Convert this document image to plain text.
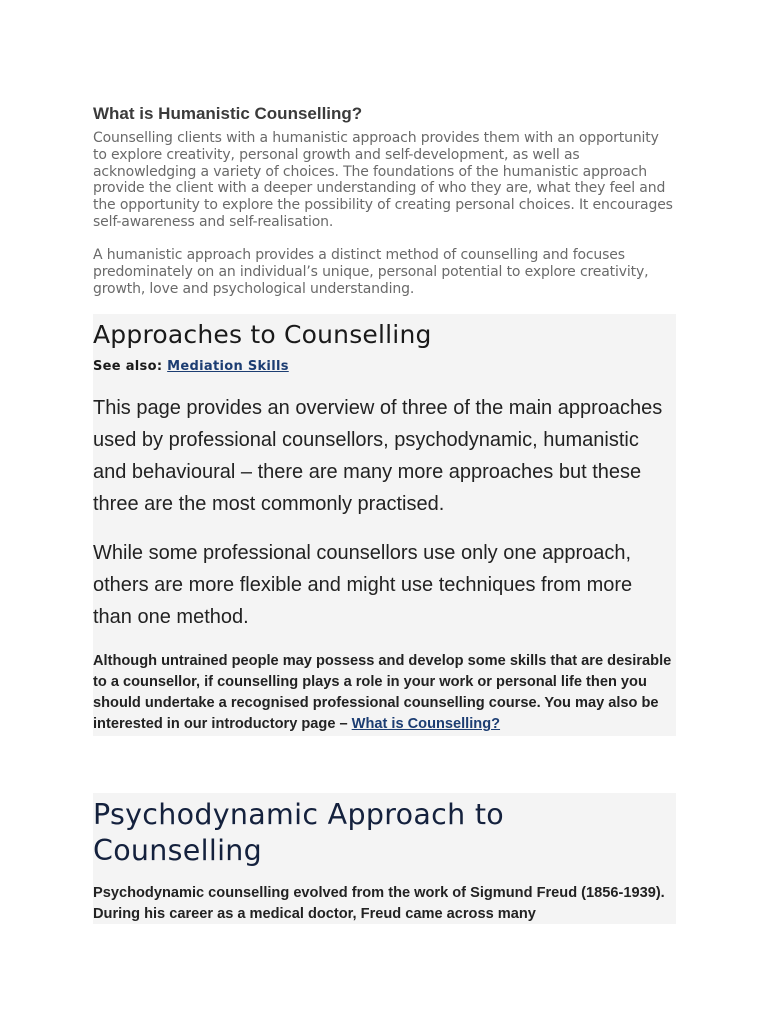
What is Humanistic Counselling?

Counselling clients with a humanistic approach provides them with an opportunity to explore creativity, personal growth and self-development, as well as acknowledging a variety of choices. The foundations of the humanistic approach provide the client with a deeper understanding of who they are, what they feel and the opportunity to explore the possibility of creating personal choices. It encourages self-awareness and self-realisation.

A humanistic approach provides a distinct method of counselling and focuses predominately on an individual’s unique, personal potential to explore creativity, growth, love and psychological understanding.

Approaches to Counselling

See also: Mediation Skills

This page provides an overview of three of the main approaches used by professional counsellors, psychodynamic, humanistic and behavioural – there are many more approaches but these three are the most commonly practised.

While some professional counsellors use only one approach, others are more flexible and might use techniques from more than one method.

Although untrained people may possess and develop some skills that are desirable to a counsellor, if counselling plays a role in your work or personal life then you should undertake a recognised professional counselling course. You may also be interested in our introductory page – What is Counselling?

Psychodynamic Approach to Counselling

Psychodynamic counselling evolved from the work of Sigmund Freud (1856-1939). During his career as a medical doctor, Freud came across many
